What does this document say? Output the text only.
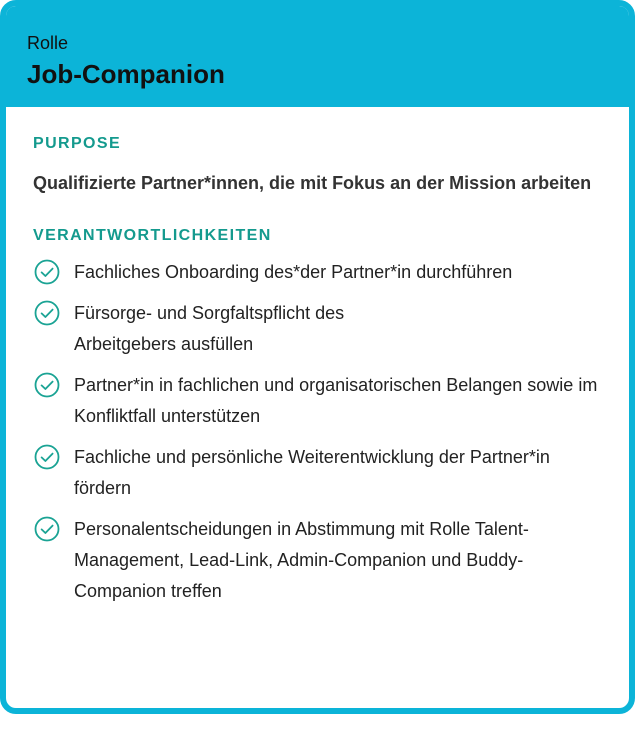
Rolle

Job-Companion

PURPOSE

Qualifizierte Partner*innen, die mit Fokus an der Mission arbeiten

VERANTWORTLICHKEITEN

Fachliches Onboarding des*der Partner*in durchführen
Fürsorge- und Sorgfaltspflicht des Arbeitgebers ausfüllen
Partner*in in fachlichen und organisatorischen Belangen sowie im Konfliktfall unterstützen
Fachliche und persönliche Weiterentwicklung der Partner*in fördern
Personalentscheidungen in Abstimmung mit Rolle Talent-Management, Lead-Link, Admin-Companion und Buddy-Companion treffen
